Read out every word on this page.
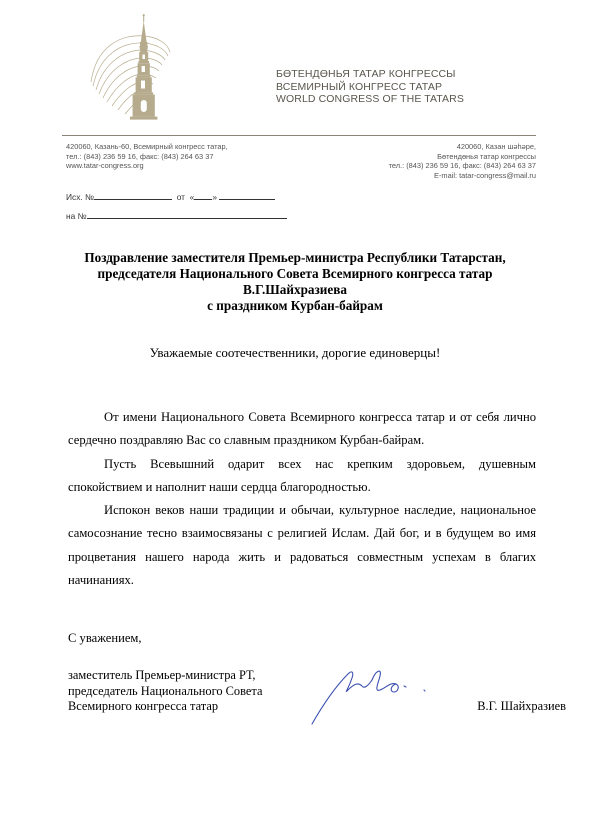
БӨТЕНДӨНЬЯ ТАТАР КОНГРЕССЫ
ВСЕМИРНЫЙ КОНГРЕСС ТАТАР
WORLD CONGRESS OF THE TATARS
420060, Казань-60, Всемирный конгресс татар,
тел.: (843) 236 59 16, факс: (843) 264 63 37
www.tatar-congress.org
420060, Казан шәһәре,
Бөтендөнья татар конгрессы
тел.: (843) 236 59 16, факс: (843) 264 63 37
E-mail: tatar-congress@mail.ru
Исх. №	от « »
на №
Поздравление заместителя Премьер-министра Республики Татарстан,
председателя Национального Совета Всемирного конгресса татар
В.Г.Шайхразиева
с праздником Курбан-байрам
Уважаемые соотечественники, дорогие единоверцы!

От имени Национального Совета Всемирного конгресса татар и от себя лично сердечно поздравляю Вас со славным праздником Курбан-байрам.

Пусть Всевышний одарит всех нас крепким здоровьем, душевным спокойствием и наполнит наши сердца благородностью.

Испокон веков наши традиции и обычаи, культурное наследие, национальное самосознание тесно взаимосвязаны с религией Ислам. Дай бог, и в будущем во имя процветания нашего народа жить и радоваться совместным успехам в благих начинаниях.

С уважением,
заместитель Премьер-министра РТ,
председатель Национального Совета
Всемирного конгресса татар	В.Г. Шайхразиев
